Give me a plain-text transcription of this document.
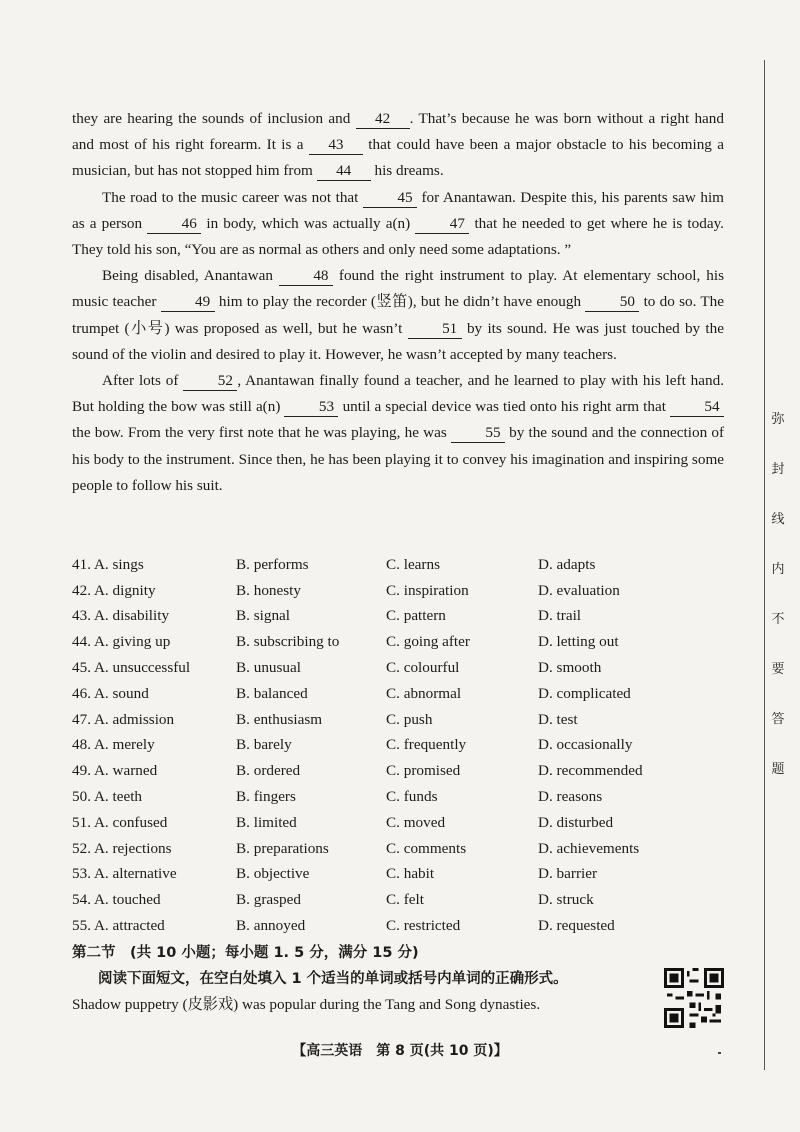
they are hearing the sounds of inclusion and 42 . That’s because he was born without a right hand and most of his right forearm. It is a 43 that could have been a major obstacle to his becoming a musician, but has not stopped him from 44 his dreams.

The road to the music career was not that 45 for Anantawan. Despite this, his parents saw him as a person 46 in body, which was actually a(n) 47 that he needed to get where he is today. They told his son, “You are as normal as others and only need some adaptations. ”

Being disabled, Anantawan 48 found the right instrument to play. At elementary school, his music teacher 49 him to play the recorder (竖笛), but he didn’t have enough 50 to do so. The trumpet (小号) was proposed as well, but he wasn’t 51 by its sound. He was just touched by the sound of the violin and desired to play it. However, he wasn’t accepted by many teachers.

After lots of 52 , Anantawan finally found a teacher, and he learned to play with his left hand. But holding the bow was still a(n) 53 until a special device was tied onto his right arm that 54 the bow. From the very first note that he was playing, he was 55 by the sound and the connection of his body to the instrument. Since then, he has been playing it to convey his imagination and inspiring some people to follow his suit.

41. A. sings	B. performs	C. learns	D. adapts
42. A. dignity	B. honesty	C. inspiration	D. evaluation
43. A. disability	B. signal	C. pattern	D. trail
44. A. giving up	B. subscribing to	C. going after	D. letting out
45. A. unsuccessful	B. unusual	C. colourful	D. smooth
46. A. sound	B. balanced	C. abnormal	D. complicated
47. A. admission	B. enthusiasm	C. push	D. test
48. A. merely	B. barely	C. frequently	D. occasionally
49. A. warned	B. ordered	C. promised	D. recommended
50. A. teeth	B. fingers	C. funds	D. reasons
51. A. confused	B. limited	C. moved	D. disturbed
52. A. rejections	B. preparations	C. comments	D. achievements
53. A. alternative	B. objective	C. habit	D. barrier
54. A. touched	B. grasped	C. felt	D. struck
55. A. attracted	B. annoyed	C. restricted	D. requested
第二节　(共 10 小题；每小题 1. 5 分，满分 15 分)
阅读下面短文，在空白处填入 1 个适当的单词或括号内单词的正确形式。
Shadow puppetry (皮影戏) was popular during the Tang and Song dynasties.
【高三英语　第 8 页(共 10 页)】
弥
封
线
内
不
要
答
题
